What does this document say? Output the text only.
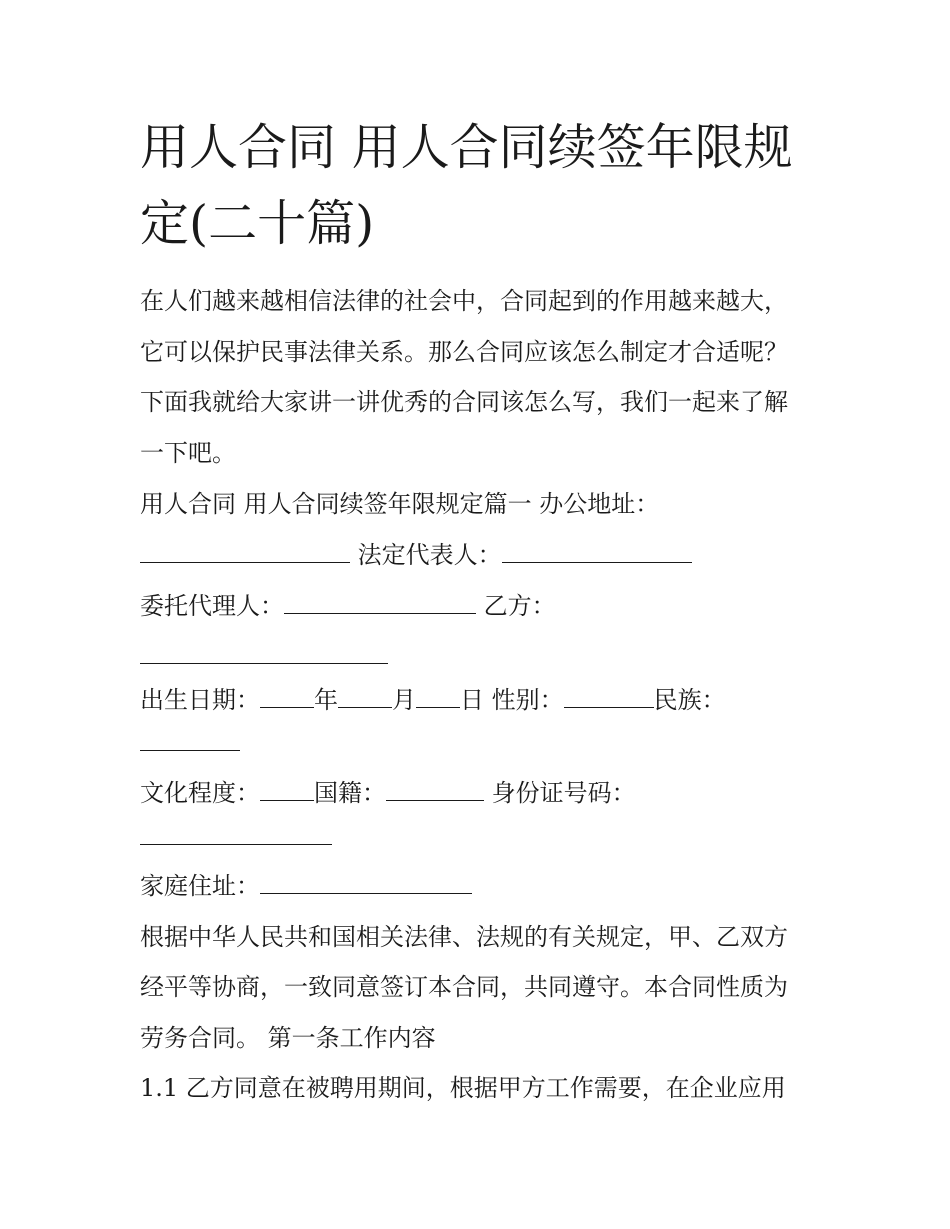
用人合同 用人合同续签年限规
定(二十篇)
在人们越来越相信法律的社会中，合同起到的作用越来越大，
它可以保护民事法律关系。那么合同应该怎么制定才合适呢？
下面我就给大家讲一讲优秀的合同该怎么写，我们一起来了解
一下吧。
用人合同 用人合同续签年限规定篇一 办公地址：
法定代表人：
委托代理人：	乙方：
出生日期： 年 月 日 性别：	民族：
文化程度： 国籍：	身份证号码：
家庭住址：
根据中华人民共和国相关法律、法规的有关规定，甲、乙双方
经平等协商，一致同意签订本合同，共同遵守。本合同性质为
劳务合同。 第一条工作内容
1.1 乙方同意在被聘用期间，根据甲方工作需要，在企业应用
